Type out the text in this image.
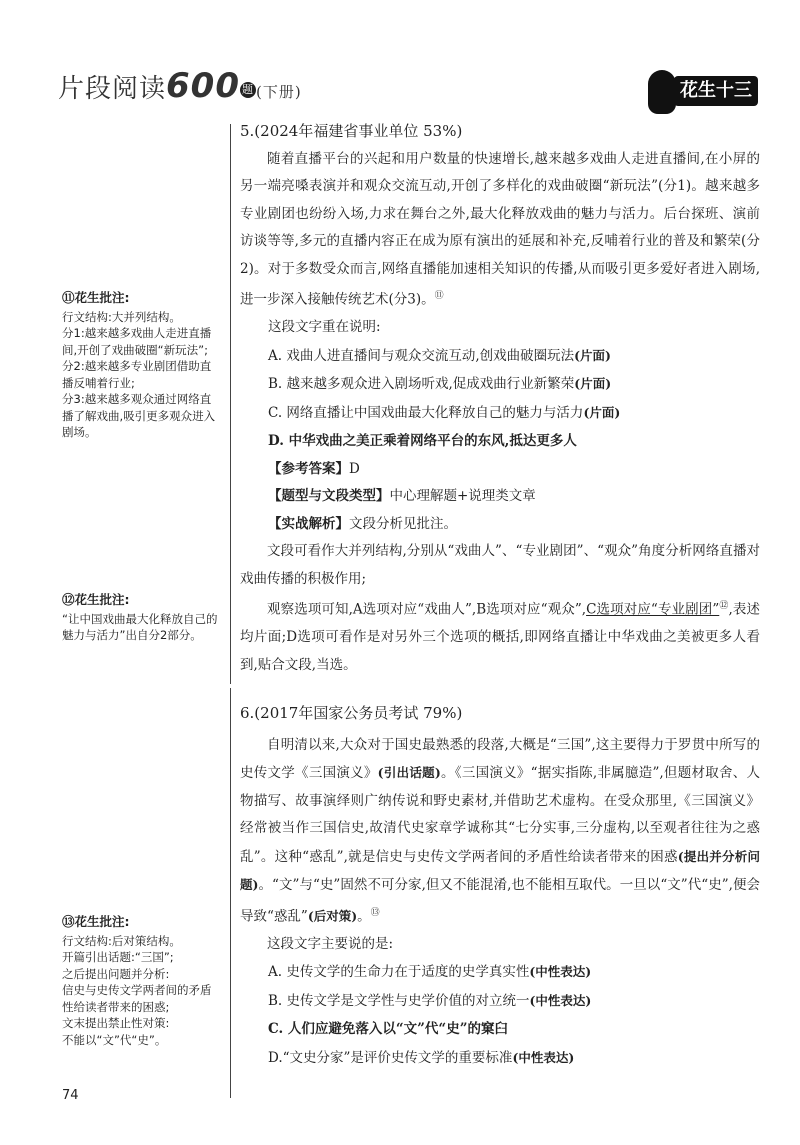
片段阅读600 题 (下册)	花生十三
⑪花生批注:
行文结构:大并列结构。
分1:越来越多戏曲人走进直播间,开创了戏曲破圈“新玩法”;
分2:越来越多专业剧团借助直播反哺着行业;
分3:越来越多观众通过网络直播了解戏曲,吸引更多观众进入剧场。
⑫花生批注:
“让中国戏曲最大化释放自己的魅力与活力”出自分2部分。
⑬花生批注:
行文结构:后对策结构。
开篇引出话题:“三国”;
之后提出问题并分析:
信史与史传文学两者间的矛盾性给读者带来的困惑;
文末提出禁止性对策:
不能以“文”代“史”。
5.(2024年福建省事业单位 53%)
随着直播平台的兴起和用户数量的快速增长,越来越多戏曲人走进直播间,在小屏的另一端亮嗓表演并和观众交流互动,开创了多样化的戏曲破圈“新玩法”(分1)。越来越多专业剧团也纷纷入场,力求在舞台之外,最大化释放戏曲的魅力与活力。后台探班、演前访谈等等,多元的直播内容正在成为原有演出的延展和补充,反哺着行业的普及和繁荣(分2)。对于多数受众而言,网络直播能加速相关知识的传播,从而吸引更多爱好者进入剧场,进一步深入接触传统艺术(分3)。⑪
这段文字重在说明:
A. 戏曲人进直播间与观众交流互动,创戏曲破圈玩法(片面)
B. 越来越多观众进入剧场听戏,促成戏曲行业新繁荣(片面)
C. 网络直播让中国戏曲最大化释放自己的魅力与活力(片面)
D. 中华戏曲之美正乘着网络平台的东风,抵达更多人
【参考答案】D
【题型与文段类型】中心理解题+说理类文章
【实战解析】文段分析见批注。
文段可看作大并列结构,分别从“戏曲人”、“专业剧团”、“观众”角度分析网络直播对戏曲传播的积极作用;
观察选项可知,A选项对应“戏曲人”,B选项对应“观众”,C选项对应“专业剧团”⑫,表述均片面;D选项可看作是对另外三个选项的概括,即网络直播让中华戏曲之美被更多人看到,贴合文段,当选。
6.(2017年国家公务员考试 79%)
自明清以来,大众对于国史最熟悉的段落,大概是“三国”,这主要得力于罗贯中所写的史传文学《三国演义》(引出话题)。《三国演义》“据实指陈,非属臆造”,但题材取舍、人物描写、故事演绎则广纳传说和野史素材,并借助艺术虚构。在受众那里,《三国演义》经常被当作三国信史,故清代史家章学诚称其“七分实事,三分虚构,以至观者往往为之惑乱”。这种“惑乱”,就是信史与史传文学两者间的矛盾性给读者带来的困惑(提出并分析问题)。“文”与“史”固然不可分家,但又不能混淆,也不能相互取代。一旦以“文”代“史”,便会导致“惑乱”(后对策)。⑬
这段文字主要说的是:
A. 史传文学的生命力在于适度的史学真实性(中性表达)
B. 史传文学是文学性与史学价值的对立统一(中性表达)
C. 人们应避免落入以“文”代“史”的窠臼
D.“文史分家”是评价史传文学的重要标准(中性表达)
74
